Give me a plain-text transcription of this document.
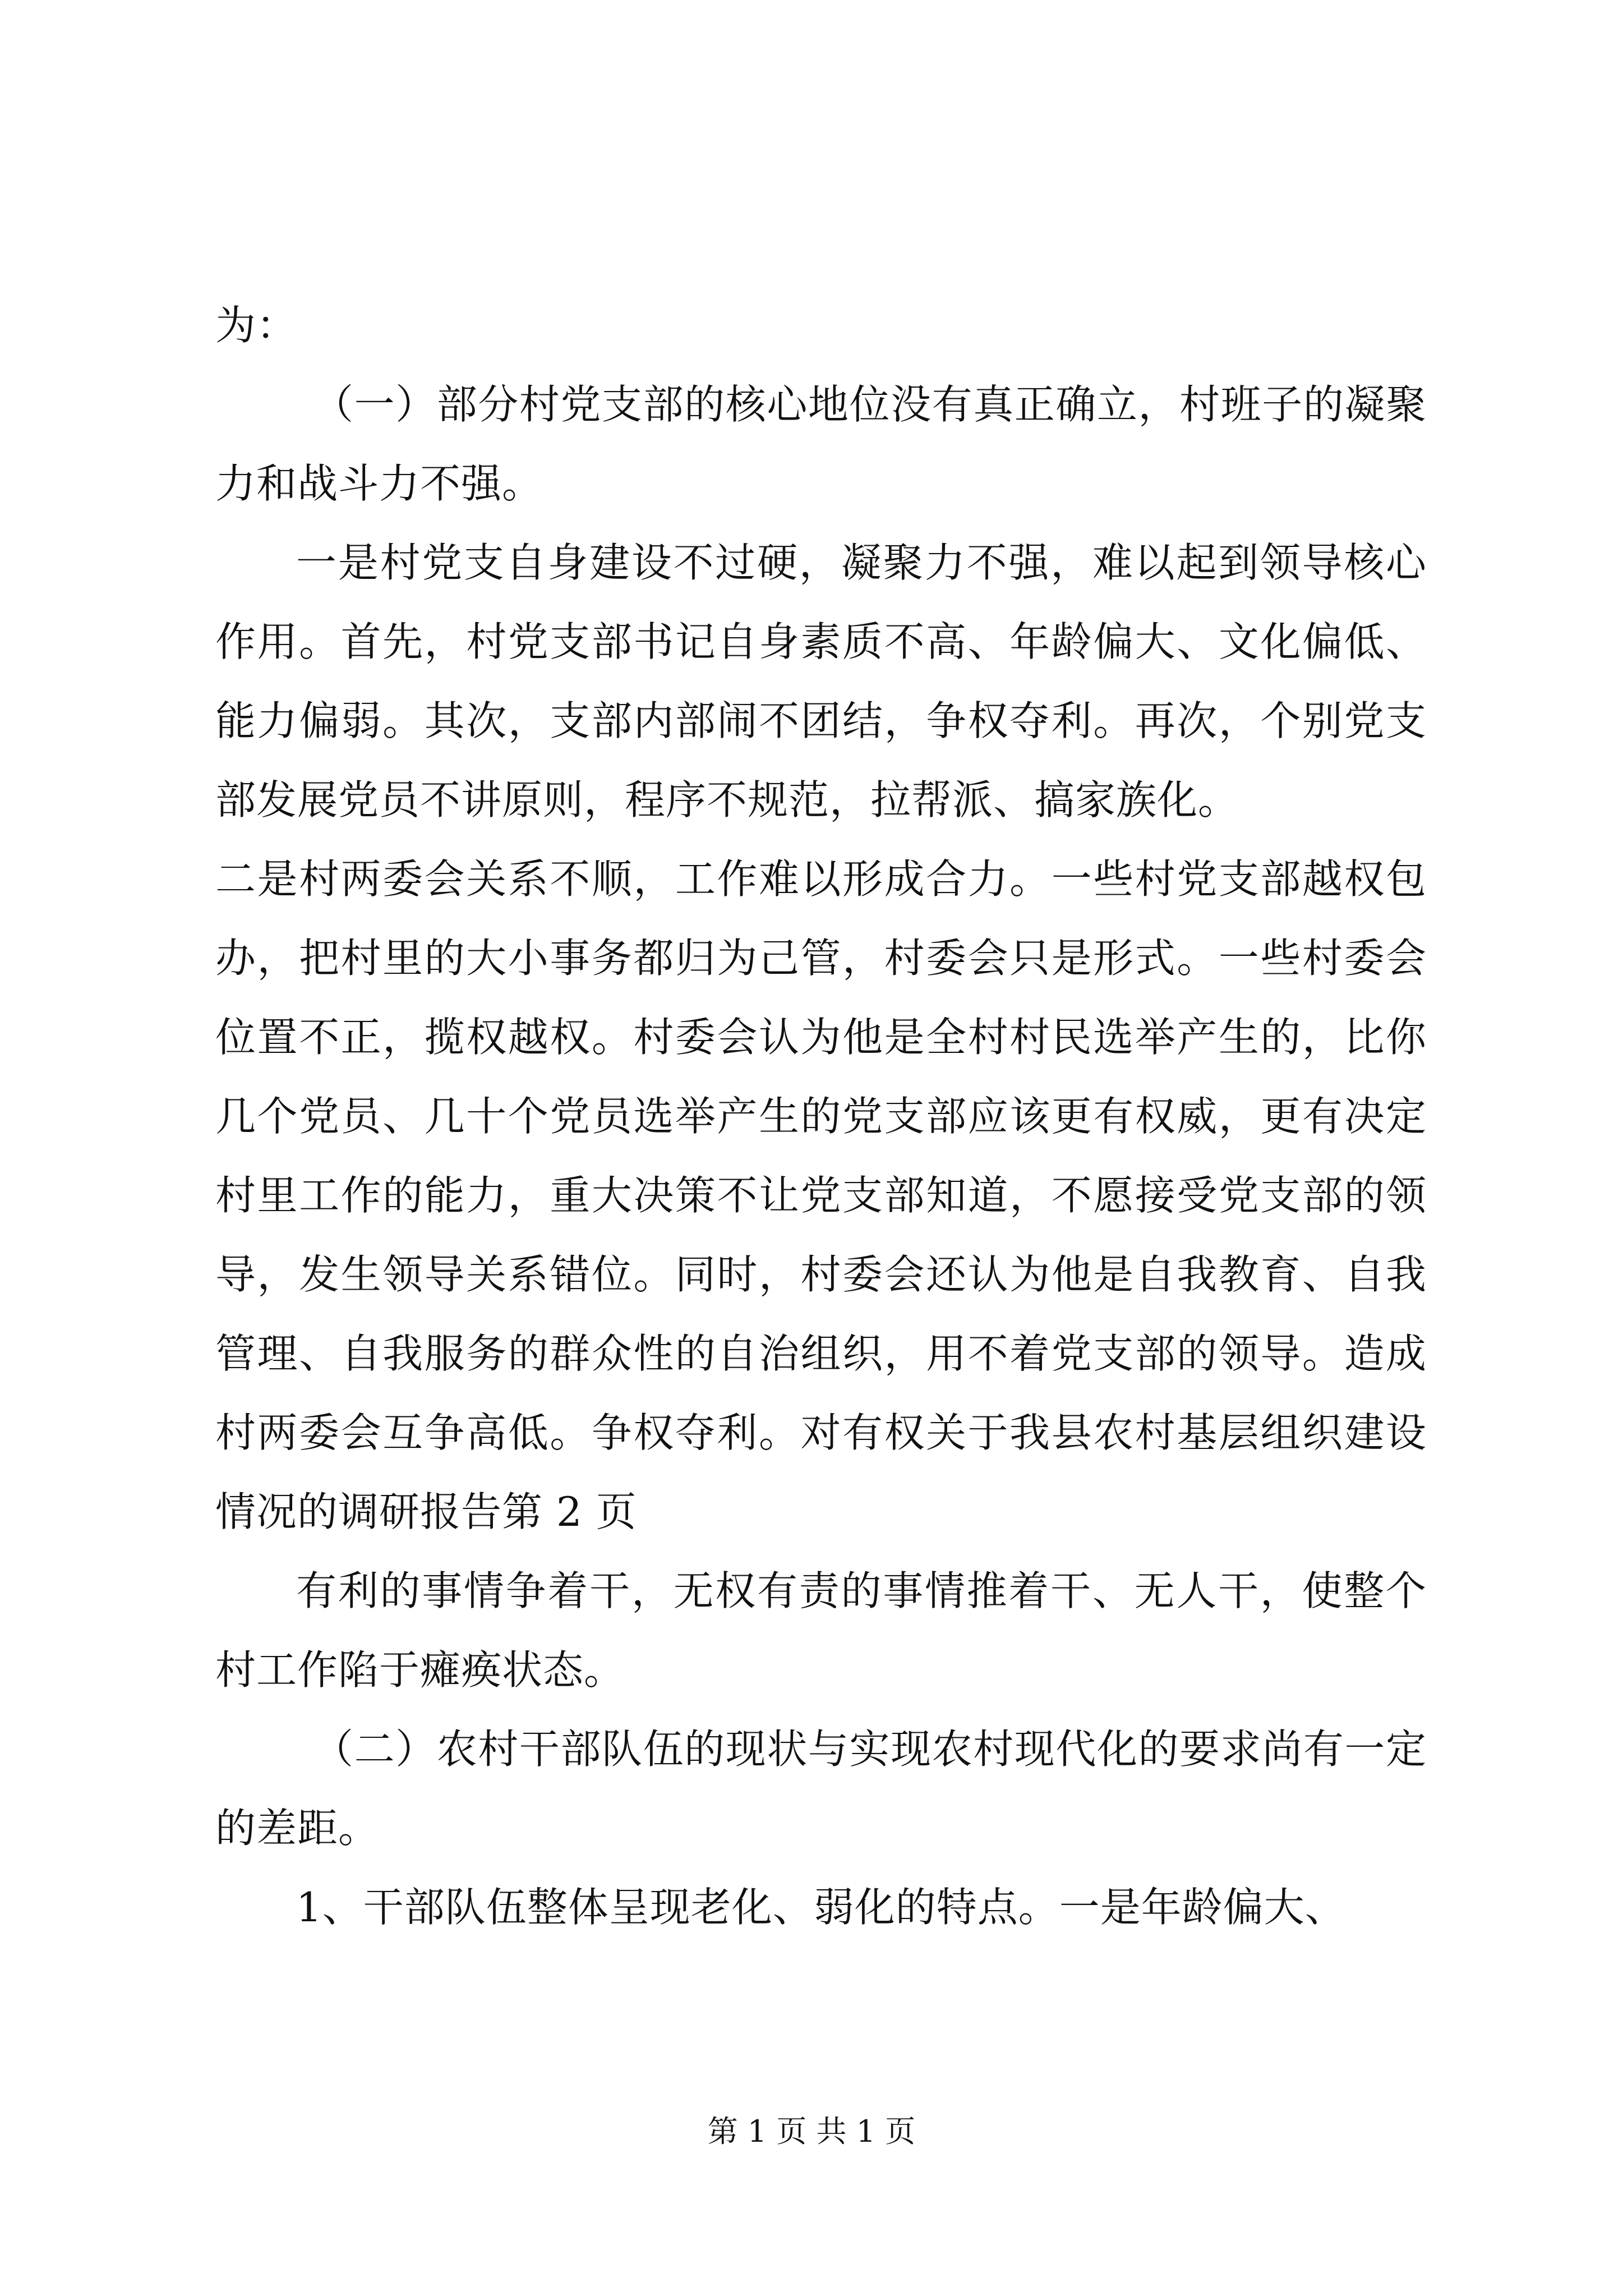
为：

（一）部分村党支部的核心地位没有真正确立，村班子的凝聚力和战斗力不强。

一是村党支自身建设不过硬，凝聚力不强，难以起到领导核心作用。首先，村党支部书记自身素质不高、年龄偏大、文化偏低、能力偏弱。其次，支部内部闹不团结，争权夺利。再次，个别党支部发展党员不讲原则，程序不规范，拉帮派、搞家族化。

二是村两委会关系不顺，工作难以形成合力。一些村党支部越权包办，把村里的大小事务都归为己管，村委会只是形式。一些村委会位置不正，揽权越权。村委会认为他是全村村民选举产生的，比你几个党员、几十个党员选举产生的党支部应该更有权威，更有决定村里工作的能力，重大决策不让党支部知道，不愿接受党支部的领导，发生领导关系错位。同时，村委会还认为他是自我教育、自我管理、自我服务的群众性的自治组织，用不着党支部的领导。造成村两委会互争高低。争权夺利。对有权关于我县农村基层组织建设情况的调研报告第 2 页

有利的事情争着干，无权有责的事情推着干、无人干，使整个村工作陷于瘫痪状态。

（二）农村干部队伍的现状与实现农村现代化的要求尚有一定的差距。

1、干部队伍整体呈现老化、弱化的特点。一是年龄偏大、

第 1 页 共 1 页
